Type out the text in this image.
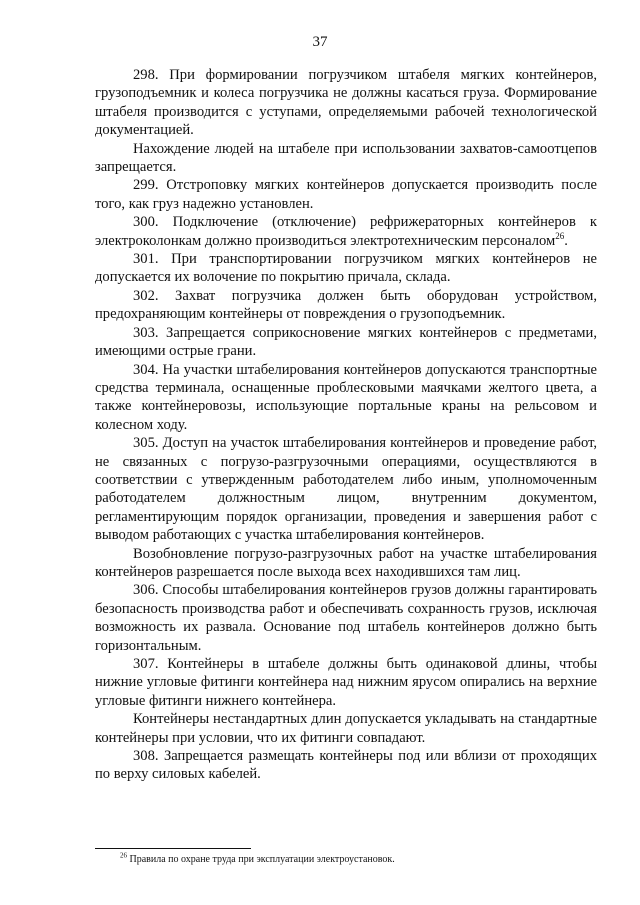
37

298. При формировании погрузчиком штабеля мягких контейнеров, грузоподъемник и колеса погрузчика не должны касаться груза. Формирование штабеля производится с уступами, определяемыми рабочей технологической документацией.

Нахождение людей на штабеле при использовании захватов-самоотцепов запрещается.

299. Отстроповку мягких контейнеров допускается производить после того, как груз надежно установлен.

300. Подключение (отключение) рефрижераторных контейнеров к электроколонкам должно производиться электротехническим персоналом$^{26}$.

301. При транспортировании погрузчиком мягких контейнеров не допускается их волочение по покрытию причала, склада.

302. Захват погрузчика должен быть оборудован устройством, предохраняющим контейнеры от повреждения о грузоподъемник.

303. Запрещается соприкосновение мягких контейнеров с предметами, имеющими острые грани.

304. На участки штабелирования контейнеров допускаются транспортные средства терминала, оснащенные проблесковыми маячками желтого цвета, а также контейнеровозы, использующие портальные краны на рельсовом и колесном ходу.

305. Доступ на участок штабелирования контейнеров и проведение работ, не связанных с погрузо-разгрузочными операциями, осуществляются в соответствии с утвержденным работодателем либо иным, уполномоченным работодателем должностным лицом, внутренним документом, регламентирующим порядок организации, проведения и завершения работ с выводом работающих с участка штабелирования контейнеров.

Возобновление погрузо-разгрузочных работ на участке штабелирования контейнеров разрешается после выхода всех находившихся там лиц.

306. Способы штабелирования контейнеров грузов должны гарантировать безопасность производства работ и обеспечивать сохранность грузов, исключая возможность их развала. Основание под штабель контейнеров должно быть горизонтальным.

307. Контейнеры в штабеле должны быть одинаковой длины, чтобы нижние угловые фитинги контейнера над нижним ярусом опирались на верхние угловые фитинги нижнего контейнера.

Контейнеры нестандартных длин допускается укладывать на стандартные контейнеры при условии, что их фитинги совпадают.

308. Запрещается размещать контейнеры под или вблизи от проходящих по верху силовых кабелей.

$^{26}$ Правила по охране труда при эксплуатации электроустановок.
